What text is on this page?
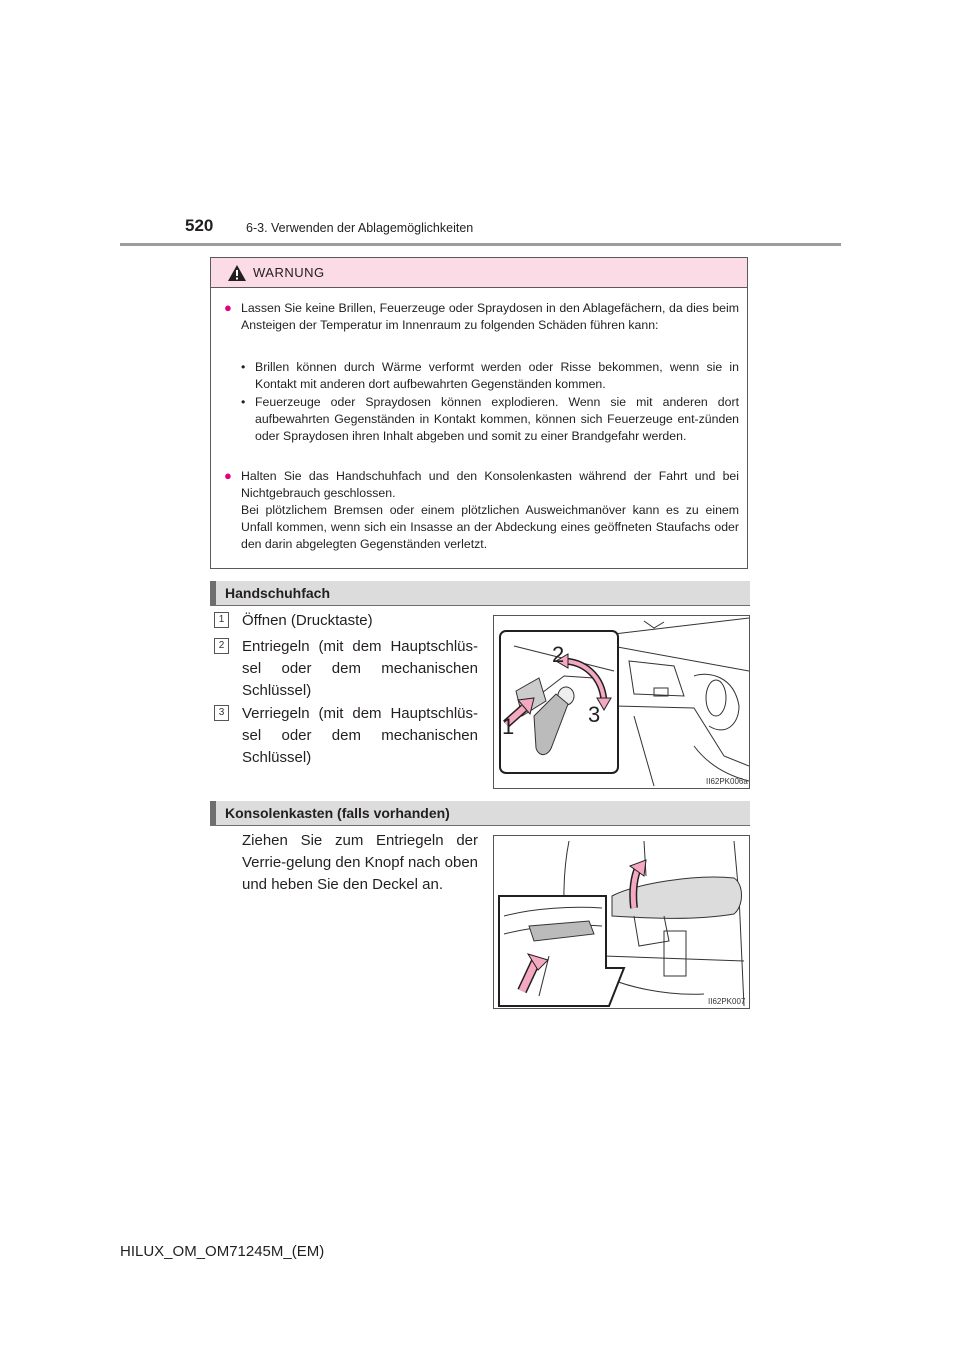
520	6-3. Verwenden der Ablagemöglichkeiten
WARNUNG
● Lassen Sie keine Brillen, Feuerzeuge oder Spraydosen in den Ablagefächern, da dies beim Ansteigen der Temperatur im Innenraum zu folgenden Schäden führen kann:
• Brillen können durch Wärme verformt werden oder Risse bekommen, wenn sie in Kontakt mit anderen dort aufbewahrten Gegenständen kommen.
• Feuerzeuge oder Spraydosen können explodieren. Wenn sie mit anderen dort aufbewahrten Gegenständen in Kontakt kommen, können sich Feuerzeuge ent-zünden oder Spraydosen ihren Inhalt abgeben und somit zu einer Brandgefahr werden.
● Halten Sie das Handschuhfach und den Konsolenkasten während der Fahrt und bei Nichtgebrauch geschlossen.
Bei plötzlichem Bremsen oder einem plötzlichen Ausweichmanöver kann es zu einem Unfall kommen, wenn sich ein Insasse an der Abdeckung eines geöffneten Staufachs oder den darin abgelegten Gegenständen verletzt.
Handschuhfach
1	Öffnen (Drucktaste)
2	Entriegeln (mit dem Hauptschlüs-sel oder dem mechanischen Schlüssel)
3	Verriegeln (mit dem Hauptschlüs-sel oder dem mechanischen Schlüssel)
2
1	3
II62PK006a
Konsolenkasten (falls vorhanden)
Ziehen Sie zum Entriegeln der Verrie-gelung den Knopf nach oben und heben Sie den Deckel an.
II62PK007
HILUX_OM_OM71245M_(EM)
